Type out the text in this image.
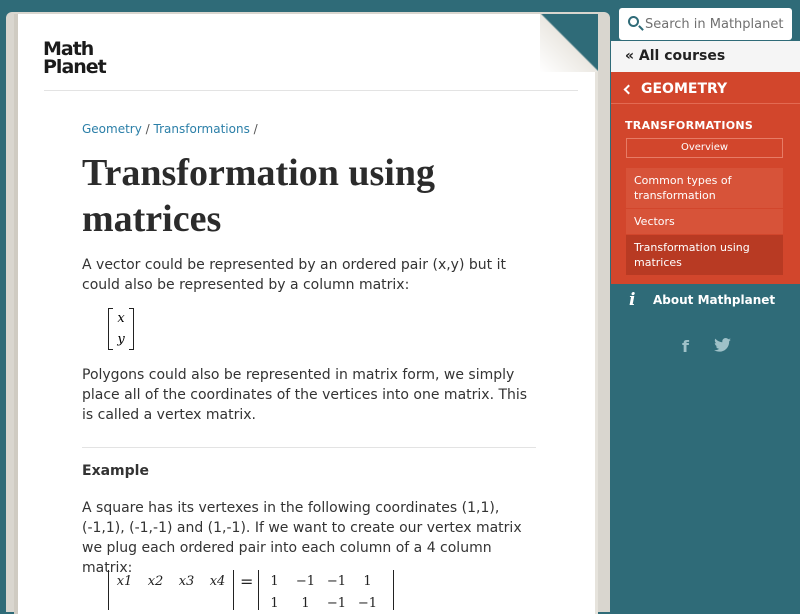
Math
Planet
Geometry / Transformations /
Transformation using matrices

A vector could be represented by an ordered pair (x,y) but it could also be represented by a column matrix:

x
y

Polygons could also be represented in matrix form, we simply place all of the coordinates of the vertices into one matrix. This is called a vertex matrix.

Example

A square has its vertexes in the following coordinates (1,1), (-1,1), (-1,-1) and (1,-1). If we want to create our vertex matrix we plug each ordered pair into each column of a 4 column matrix:

x1	x2	x3	x4 =	1	−1 −1	1
1	1	−1 −1
Search in Mathplanet
« All courses
GEOMETRY
TRANSFORMATIONS
Overview
Common types of transformation
Vectors
Transformation using matrices
i	About Mathplanet
f
